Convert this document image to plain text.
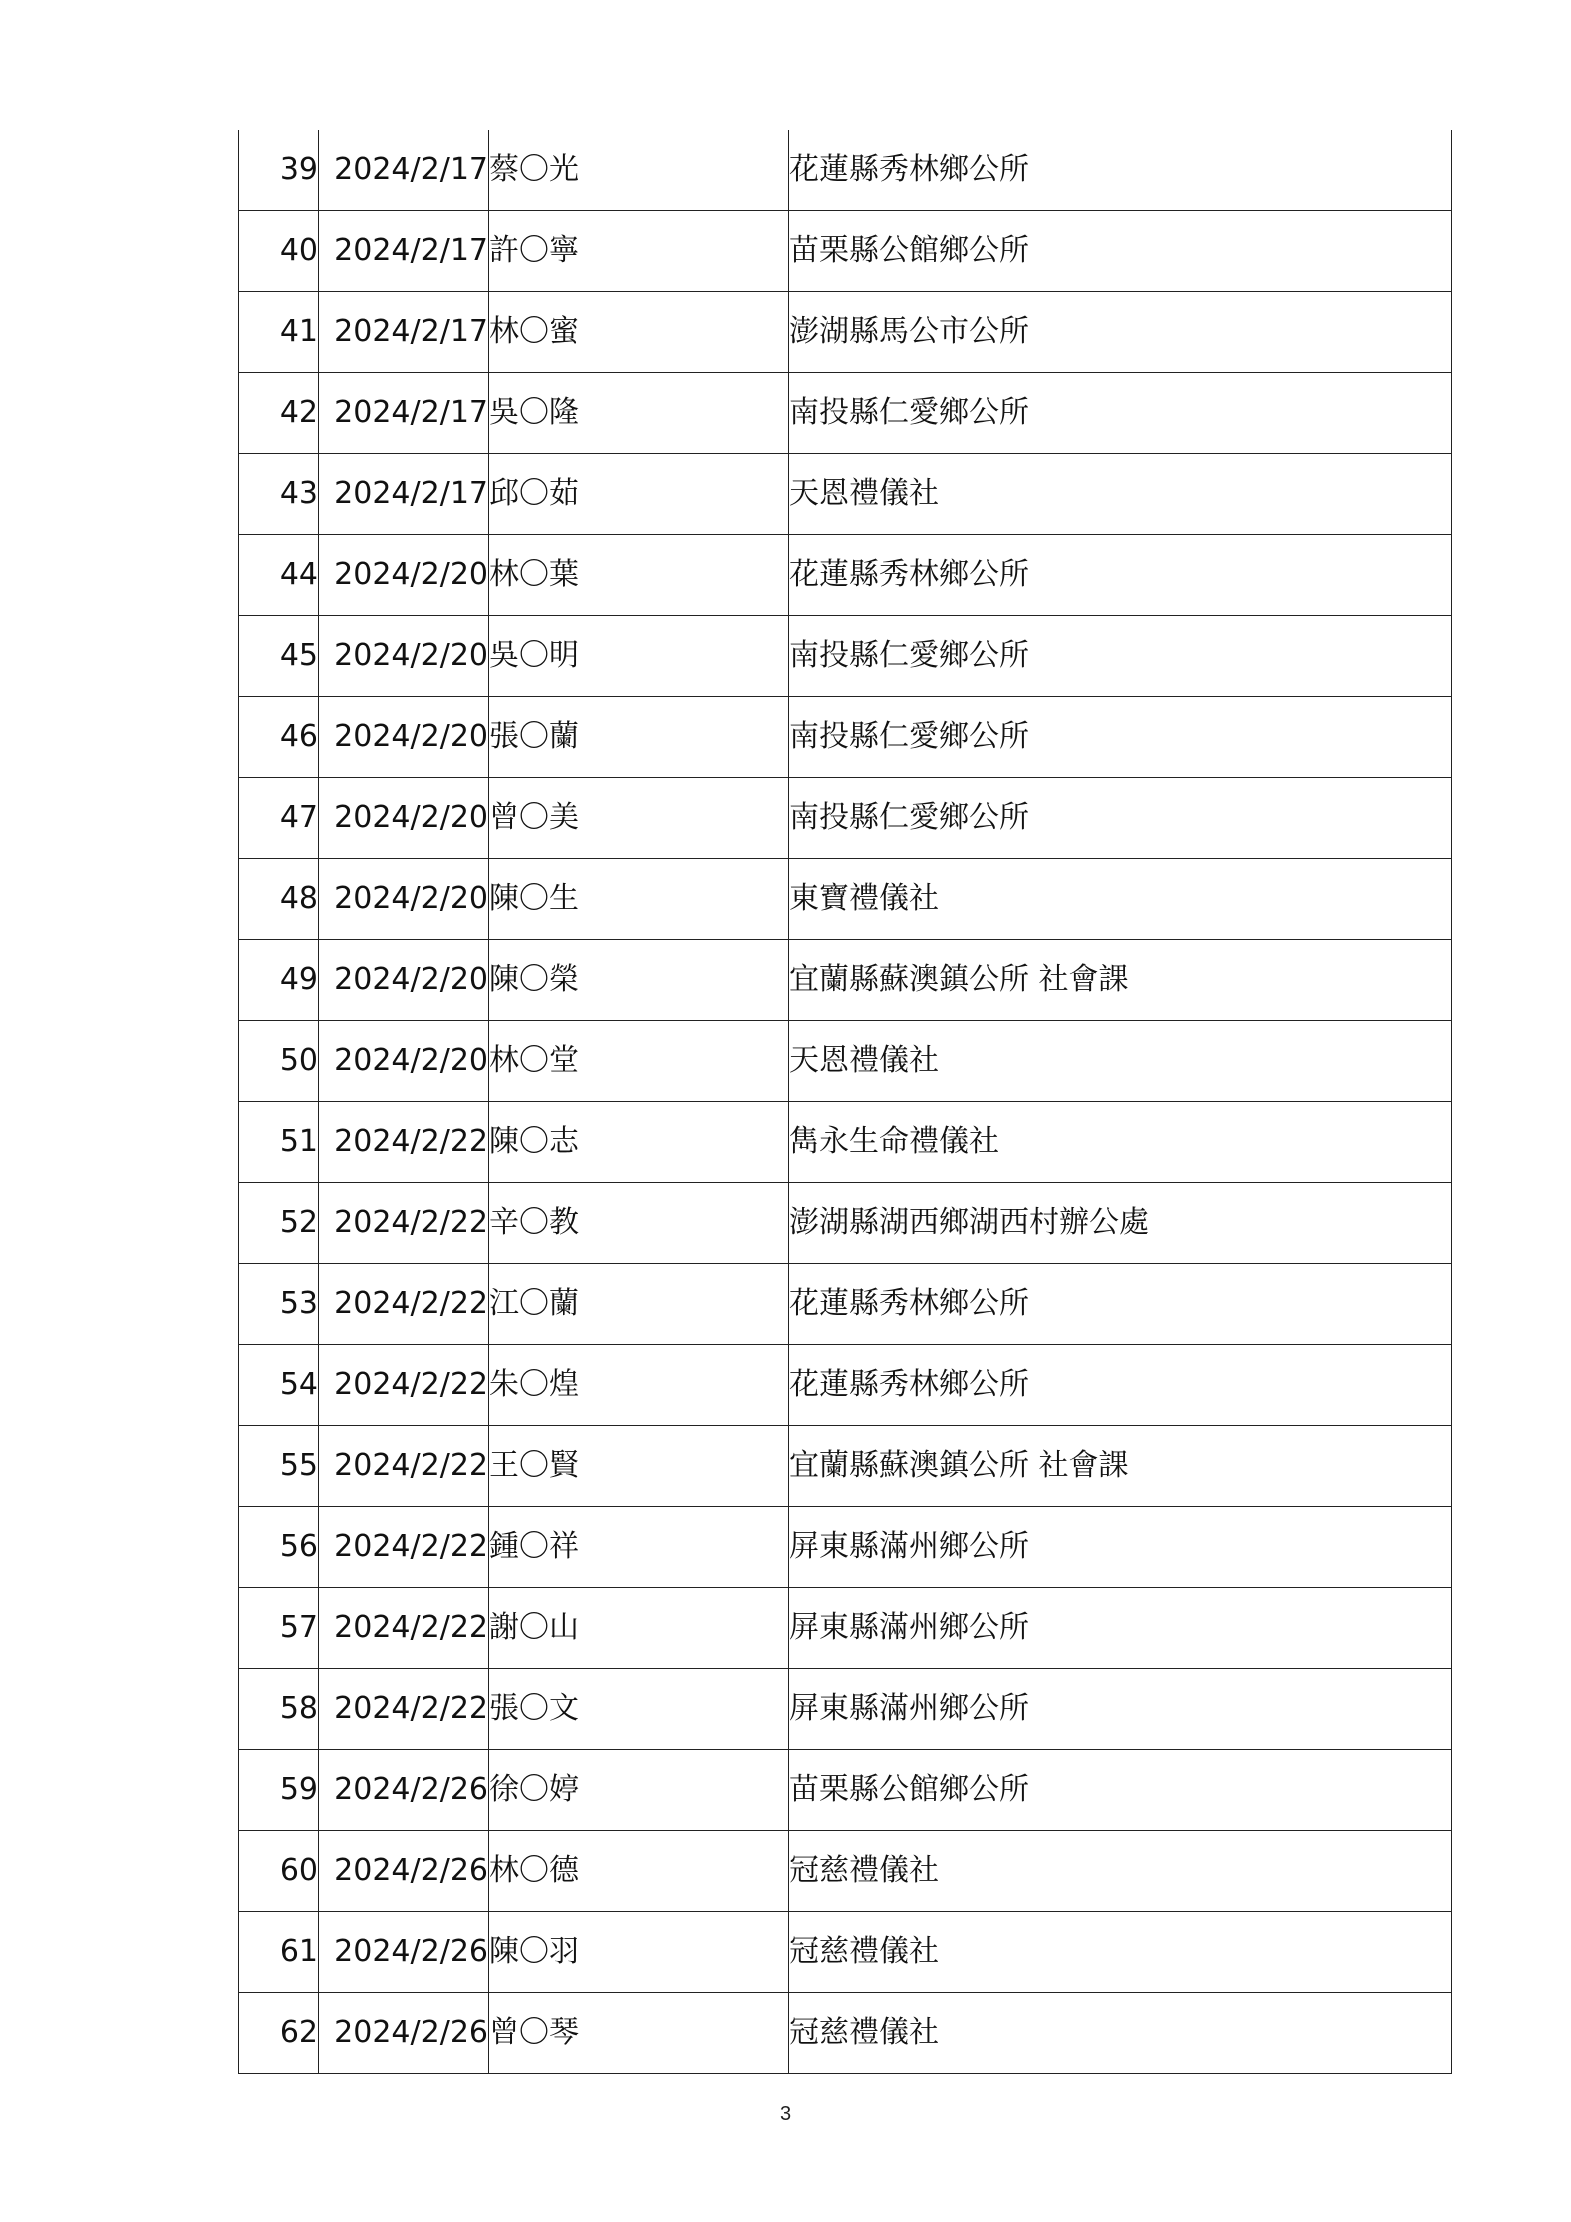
39	2024/2/17	蔡〇光	花蓮縣秀林鄉公所
40	2024/2/17	許〇寧	苗栗縣公館鄉公所
41	2024/2/17	林〇蜜	澎湖縣馬公市公所
42	2024/2/17	吳〇隆	南投縣仁愛鄉公所
43	2024/2/17	邱〇茹	天恩禮儀社
44	2024/2/20	林〇葉	花蓮縣秀林鄉公所
45	2024/2/20	吳〇明	南投縣仁愛鄉公所
46	2024/2/20	張〇蘭	南投縣仁愛鄉公所
47	2024/2/20	曾〇美	南投縣仁愛鄉公所
48	2024/2/20	陳〇生	東寶禮儀社
49	2024/2/20	陳〇榮	宜蘭縣蘇澳鎮公所 社會課
50	2024/2/20	林〇堂	天恩禮儀社
51	2024/2/22	陳〇志	雋永生命禮儀社
52	2024/2/22	辛〇教	澎湖縣湖西鄉湖西村辦公處
53	2024/2/22	江〇蘭	花蓮縣秀林鄉公所
54	2024/2/22	朱〇煌	花蓮縣秀林鄉公所
55	2024/2/22	王〇賢	宜蘭縣蘇澳鎮公所 社會課
56	2024/2/22	鍾〇祥	屏東縣滿州鄉公所
57	2024/2/22	謝〇山	屏東縣滿州鄉公所
58	2024/2/22	張〇文	屏東縣滿州鄉公所
59	2024/2/26	徐〇婷	苗栗縣公館鄉公所
60	2024/2/26	林〇德	冠慈禮儀社
61	2024/2/26	陳〇羽	冠慈禮儀社
62	2024/2/26	曾〇琴	冠慈禮儀社
3
